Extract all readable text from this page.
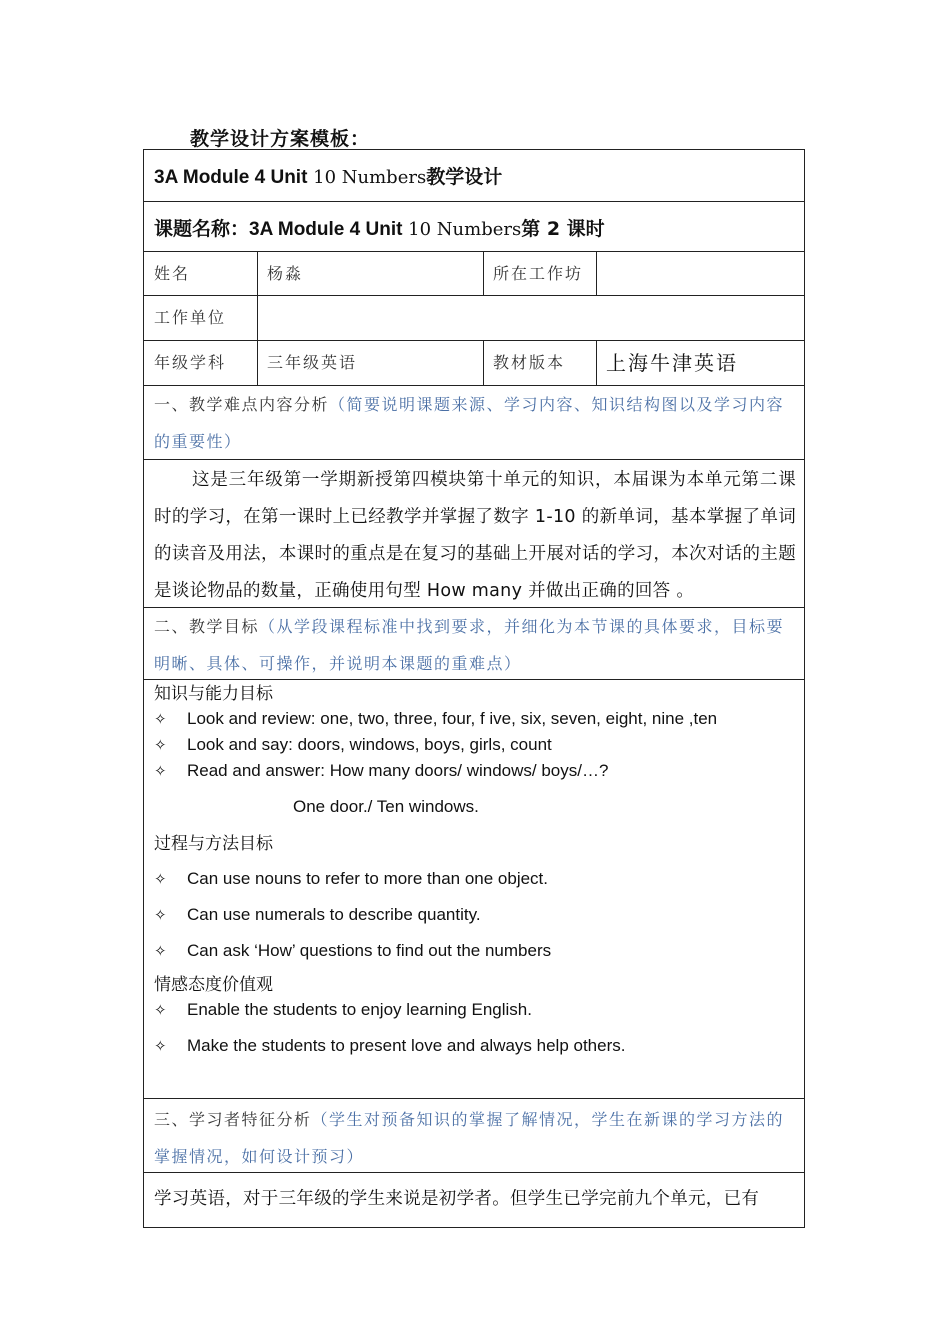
教学设计方案模板：
3A Module 4 Unit 10 Numbers教学设计
课题名称：3A Module 4 Unit 10 Numbers第 2 课时
姓名	杨淼	所在工作坊
工作单位
年级学科	三年级英语	教材版本 上海牛津英语
一、教学难点内容分析（简要说明课题来源、学习内容、知识结构图以及学习内容的重要性）
这是三年级第一学期新授第四模块第十单元的知识，本届课为本单元第二课时的学习，在第一课时上已经教学并掌握了数字 1-10 的新单词，基本掌握了单词的读音及用法，本课时的重点是在复习的基础上开展对话的学习，本次对话的主题是谈论物品的数量，正确使用句型 How many 并做出正确的回答 。
二、教学目标（从学段课程标准中找到要求，并细化为本节课的具体要求，目标要明晰、具体、可操作，并说明本课题的重难点）
知识与能力目标
✧	Look and review: one, two, three, four, f ive, six, seven, eight, nine ,ten
✧	Look and say: doors, windows, boys, girls, count
✧	Read and answer: How many doors/ windows/ boys/…?
One door./ Ten windows.
过程与方法目标
✧	Can use nouns to refer to more than one object.
✧	Can use numerals to describe quantity.
✧	Can ask ‘How’ questions to find out the numbers
情感态度价值观
✧	Enable the students to enjoy learning English.
✧	Make the students to present love and always help others.
三、学习者特征分析（学生对预备知识的掌握了解情况，学生在新课的学习方法的掌握情况，如何设计预习）
学习英语，对于三年级的学生来说是初学者。但学生已学完前九个单元，已有
